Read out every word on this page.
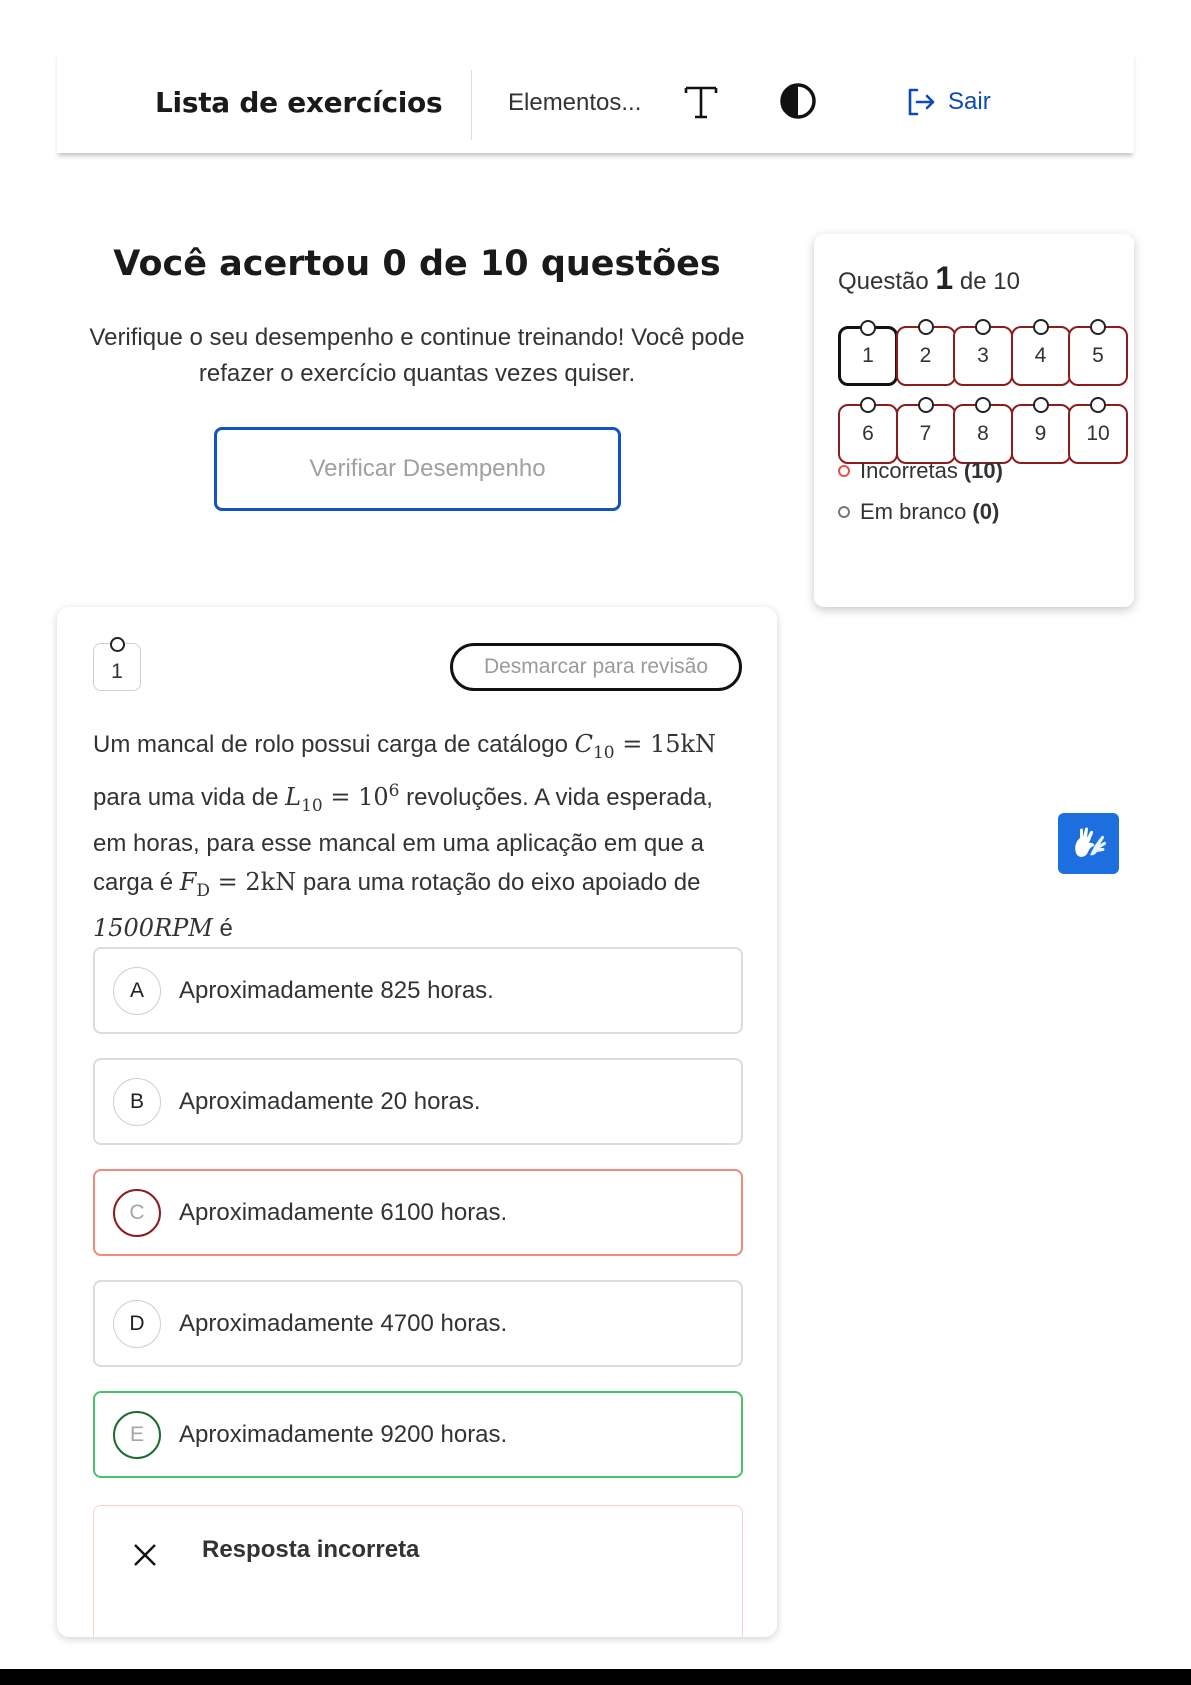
Lista de exercícios	Elementos...	Sair
Você acertou 0 de 10 questões
Verifique o seu desempenho e continue treinando! Você pode refazer o exercício quantas vezes quiser.
Verificar Desempenho
Questão 1 de 10
1 2 3 4 5
6 7 8 9 10
Incorretas (10)
Em branco (0)
1	Desmarcar para revisão
Um mancal de rolo possui carga de catálogo $C_{10} = 15kN$ para uma vida de $L_{10} = 10^6$ revoluções. A vida esperada, em horas, para esse mancal em uma aplicação em que a carga é $F_D = 2kN$ para uma rotação do eixo apoiado de 1500RPM é
A	Aproximadamente 825 horas.
B	Aproximadamente 20 horas.
C	Aproximadamente 6100 horas.
D	Aproximadamente 4700 horas.
E	Aproximadamente 9200 horas.
Resposta incorreta
